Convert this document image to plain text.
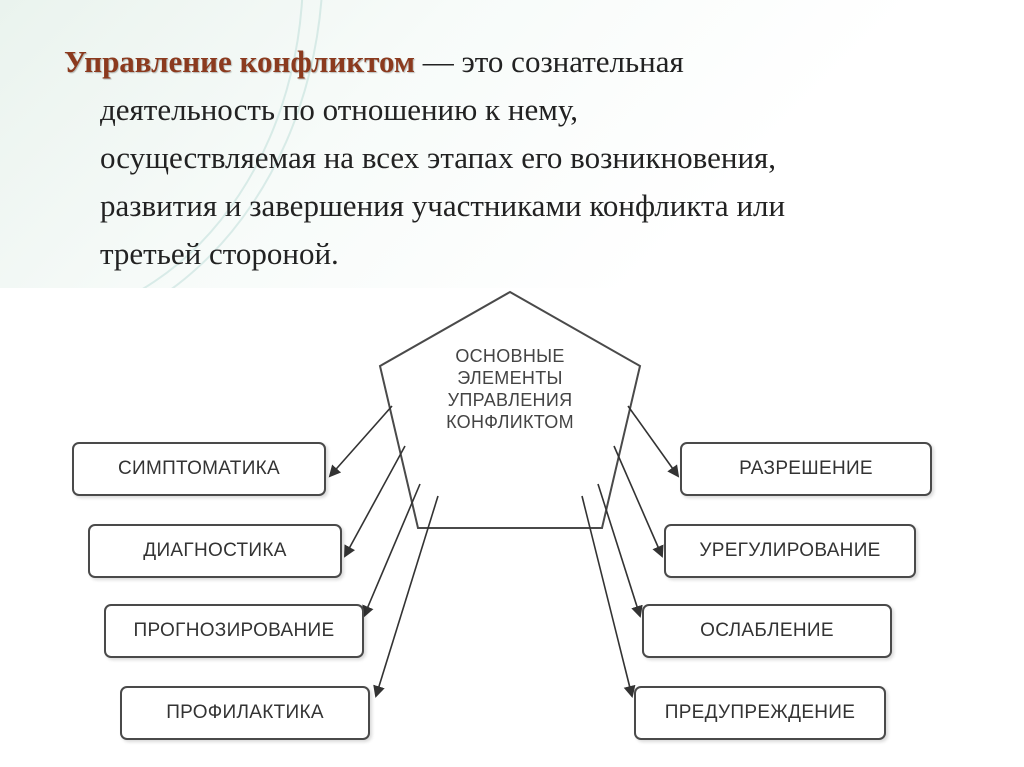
Управление конфликтом — это сознательная
деятельность по отношению к нему,
осуществляемая на всех этапах его возникновения,
развития и завершения участниками конфликта или
третьей стороной.
ОСНОВНЫЕ
ЭЛЕМЕНТЫ
УПРАВЛЕНИЯ
КОНФЛИКТОМ
СИМПТОМАТИКА
ДИАГНОСТИКА
ПРОГНОЗИРОВАНИЕ
ПРОФИЛАКТИКА
РАЗРЕШЕНИЕ
УРЕГУЛИРОВАНИЕ
ОСЛАБЛЕНИЕ
ПРЕДУПРЕЖДЕНИЕ
